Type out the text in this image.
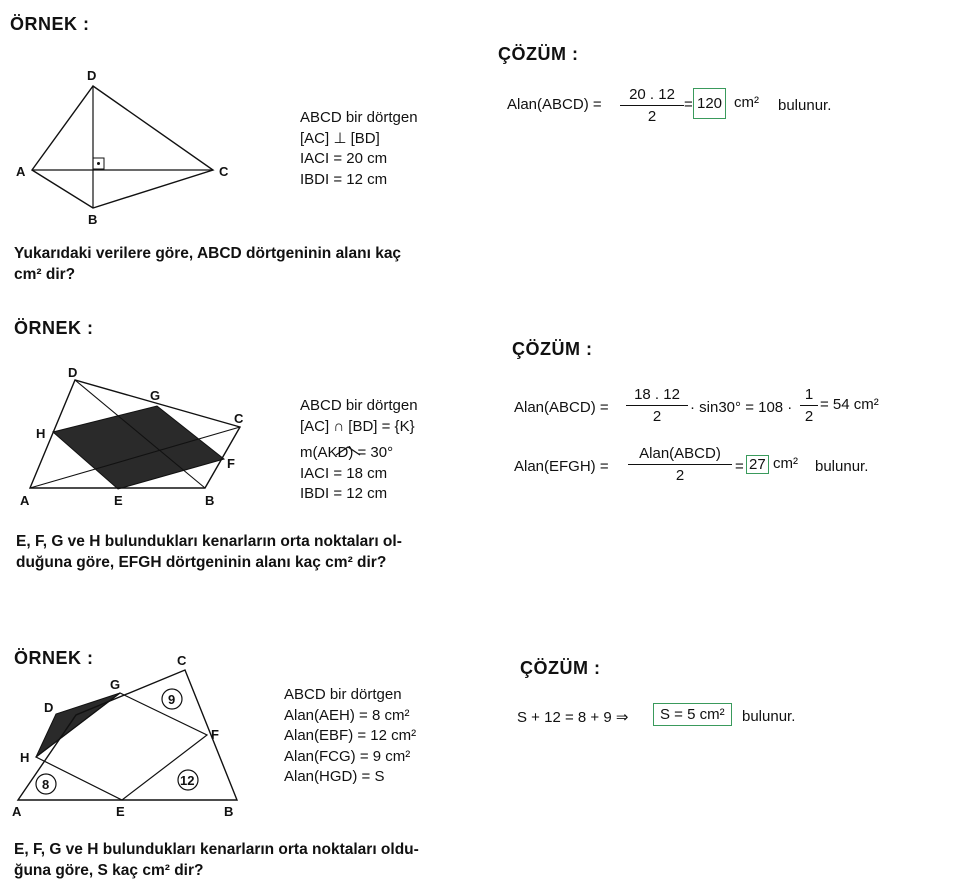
ÖRNEK :
D
A	C
B
ABCD bir dörtgen
[AC] ⊥ [BD]
IACI = 20 cm
IBDI = 12 cm
Yukarıdaki verilere göre, ABCD dörtgeninin alanı kaç
cm² dir?
ÇÖZÜM :
Alan(ABCD) =
20 . 12
2
= 120 cm² bulunur.
ÖRNEK :
D
G
C
H
F
A	E	B
ABCD bir dörtgen
[AC] ∩ [BD] = {K}
m(AKD) = 30°
IACI = 18 cm
IBDI = 12 cm
E, F, G ve H bulundukları kenarların orta noktaları ol-
duğuna göre, EFGH dörtgeninin alanı kaç cm² dir?
ÇÖZÜM :
Alan(ABCD) =
18 . 12
2
· sin30° = 108 ·
1
2
= 54 cm²
Alan(EFGH) =
Alan(ABCD)
2
= 27 cm² bulunur.
ÖRNEK :
8	12
9
C
G
D
F
H
A	E	B
ABCD bir dörtgen
Alan(AEH) = 8 cm²
Alan(EBF) = 12 cm²
Alan(FCG) = 9 cm²
Alan(HGD) = S
E, F, G ve H bulundukları kenarların orta noktaları oldu-
ğuna göre, S kaç cm² dir?
ÇÖZÜM :
S + 12 = 8 + 9 ⇒	S = 5 cm²	bulunur.
